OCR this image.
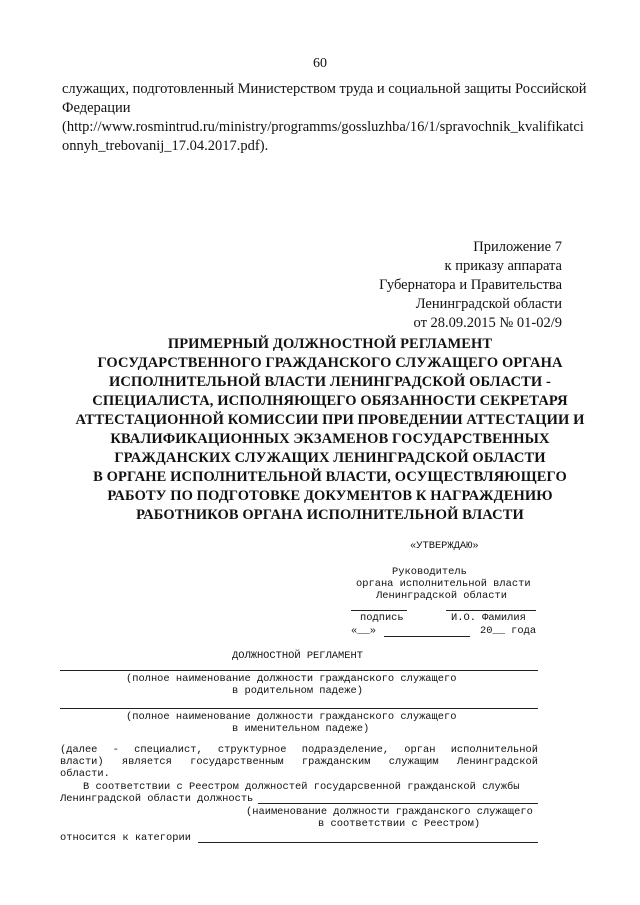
60
служащих, подготовленный Министерством труда и социальной защиты Российской
Федерации
(http://www.rosmintrud.ru/ministry/programms/gossluzhba/16/1/spravochnik_kvalifikatci
onnyh_trebovanij_17.04.2017.pdf).
Приложение 7
к приказу аппарата
Губернатора и Правительства
Ленинградской области
от 28.09.2015 № 01-02/9
ПРИМЕРНЫЙ ДОЛЖНОСТНОЙ РЕГЛАМЕНТ
ГОСУДАРСТВЕННОГО ГРАЖДАНСКОГО СЛУЖАЩЕГО ОРГАНА
ИСПОЛНИТЕЛЬНОЙ ВЛАСТИ ЛЕНИНГРАДСКОЙ ОБЛАСТИ -
СПЕЦИАЛИСТА, ИСПОЛНЯЮЩЕГО ОБЯЗАННОСТИ СЕКРЕТАРЯ
АТТЕСТАЦИОННОЙ КОМИССИИ ПРИ ПРОВЕДЕНИИ АТТЕСТАЦИИ И
КВАЛИФИКАЦИОННЫХ ЭКЗАМЕНОВ ГОСУДАРСТВЕННЫХ
ГРАЖДАНСКИХ СЛУЖАЩИХ ЛЕНИНГРАДСКОЙ ОБЛАСТИ
В ОРГАНЕ ИСПОЛНИТЕЛЬНОЙ ВЛАСТИ, ОСУЩЕСТВЛЯЮЩЕГО
РАБОТУ ПО ПОДГОТОВКЕ ДОКУМЕНТОВ К НАГРАЖДЕНИЮ
РАБОТНИКОВ ОРГАНА ИСПОЛНИТЕЛЬНОЙ ВЛАСТИ
«УТВЕРЖДАЮ»
Руководитель
органа исполнительной власти
Ленинградской области
подпись	И.О. Фамилия
«__»	20__ года
ДОЛЖНОСТНОЙ РЕГЛАМЕНТ
(полное наименование должности гражданского служащего
в родительном падеже)
(полное наименование должности гражданского служащего
в именительном падеже)
(далее - специалист, структурное подразделение, орган исполнительной
власти) является государственным гражданским служащим Ленинградской
области.
В соответствии с Реестром должностей государсвенной гражданской службы
Ленинградской области должность
(наименование должности гражданского служащего
в соответствии с Реестром)
относится к категории
